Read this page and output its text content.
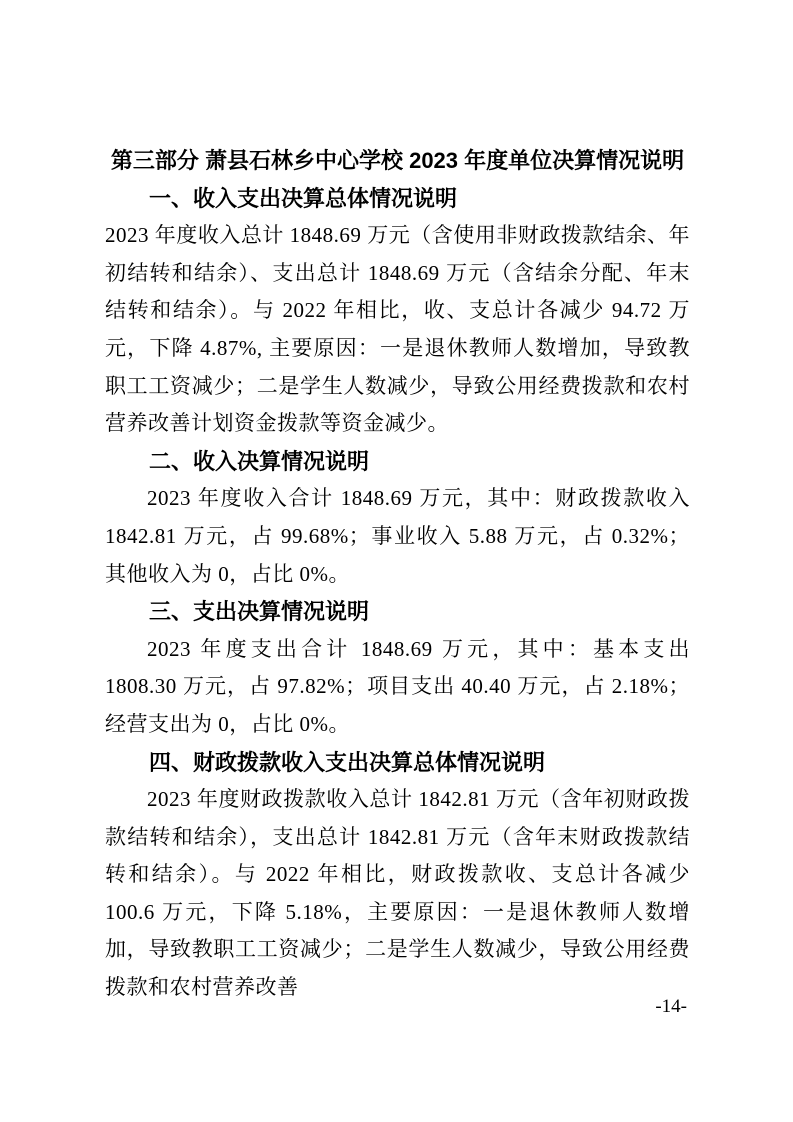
第三部分 萧县石林乡中心学校 2023 年度单位决算情况说明
一、收入支出决算总体情况说明

2023 年度收入总计 1848.69 万元（含使用非财政拨款结余、年初结转和结余）、支出总计 1848.69 万元（含结余分配、年末结转和结余）。与 2022 年相比，收、支总计各减少 94.72 万元，下降 4.87%, 主要原因：一是退休教师人数增加，导致教职工工资减少；二是学生人数减少，导致公用经费拨款和农村营养改善计划资金拨款等资金减少。

二、收入决算情况说明

2023 年度收入合计 1848.69 万元，其中：财政拨款收入 1842.81 万元，占 99.68%；事业收入 5.88 万元，占 0.32%；其他收入为 0，占比 0%。

三、支出决算情况说明

2023 年度支出合计 1848.69 万元，其中：基本支出 1808.30 万元，占 97.82%；项目支出 40.40 万元，占 2.18%；经营支出为 0，占比 0%。

四、财政拨款收入支出决算总体情况说明

2023 年度财政拨款收入总计 1842.81 万元（含年初财政拨款结转和结余），支出总计 1842.81 万元（含年末财政拨款结转和结余）。与 2022 年相比，财政拨款收、支总计各减少 100.6 万元，下降 5.18%，主要原因：一是退休教师人数增加，导致教职工工资减少；二是学生人数减少，导致公用经费拨款和农村营养改善

-14-
